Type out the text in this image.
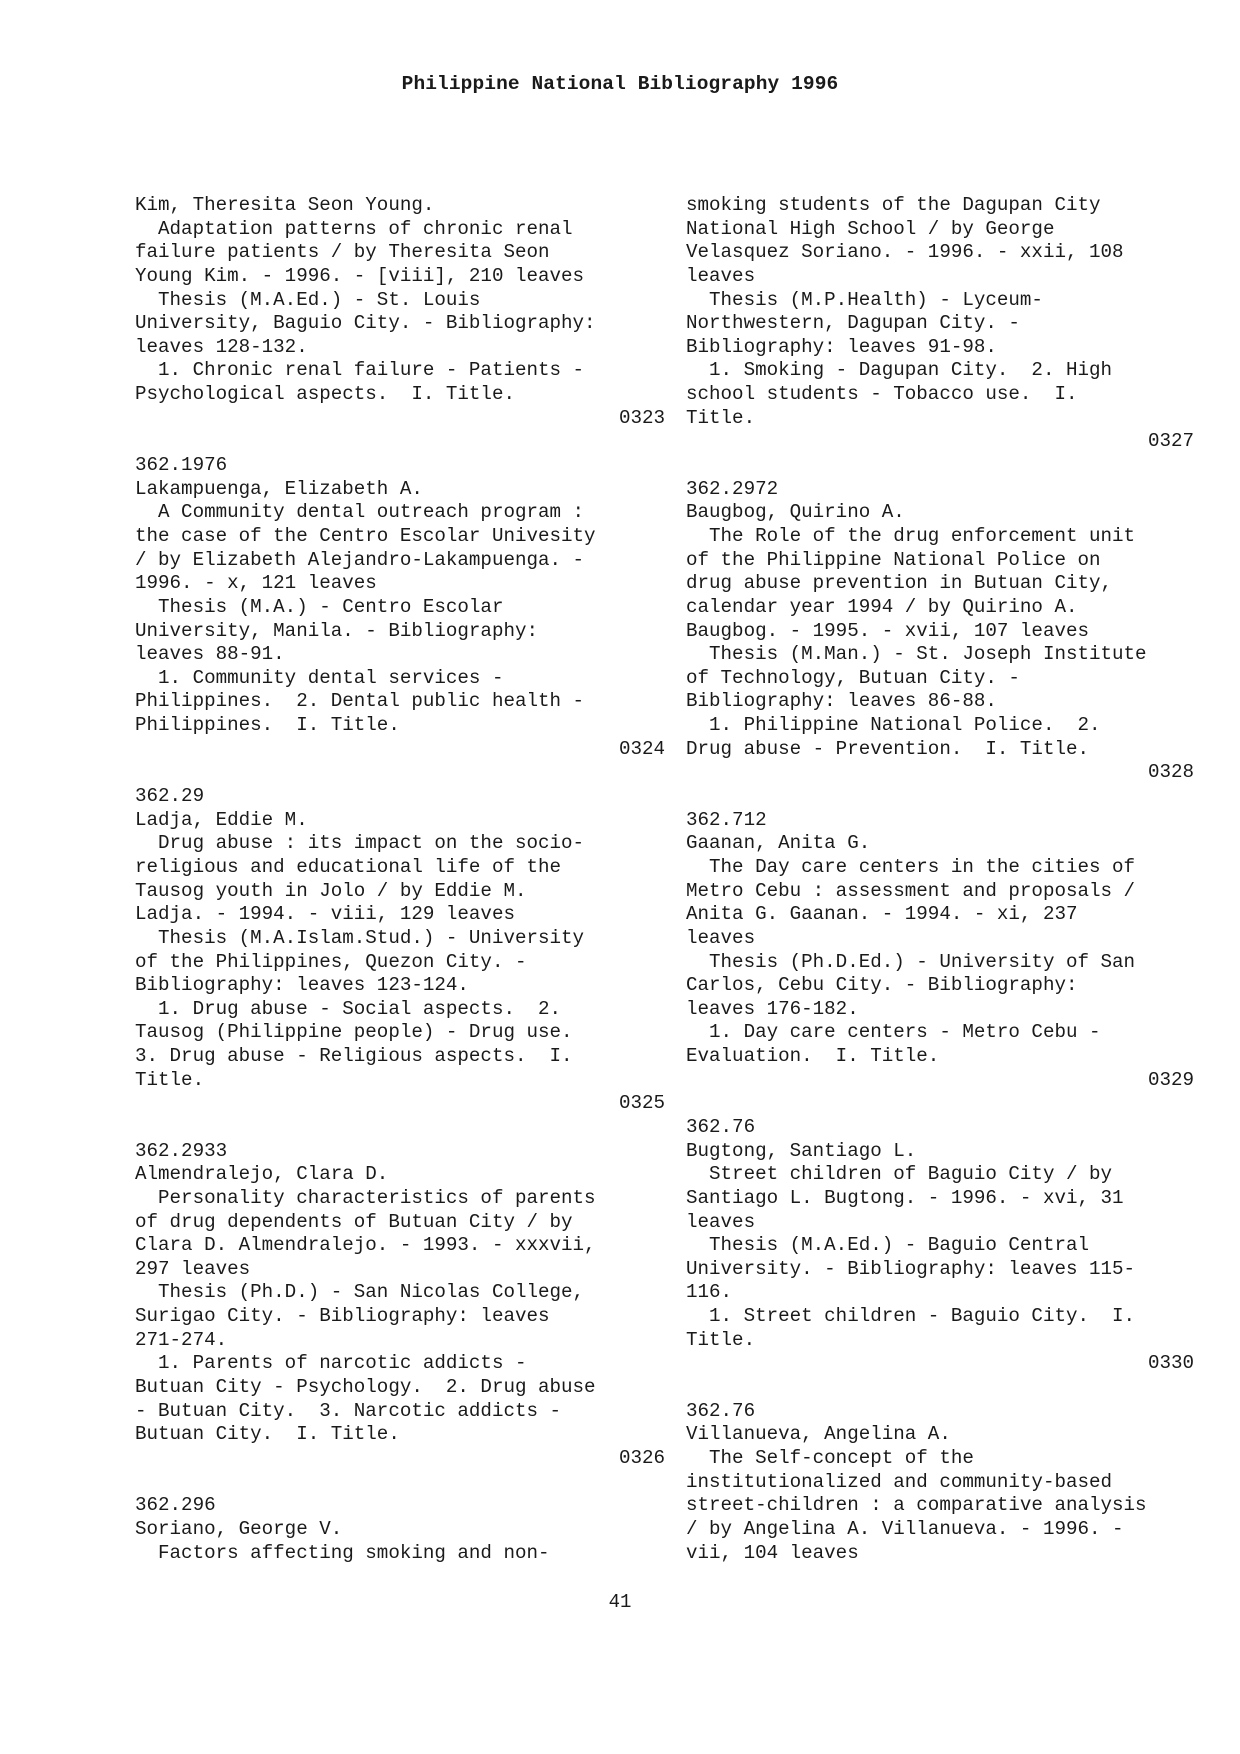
Philippine National Bibliography 1996
Kim, Theresita Seon Young.
Adaptation patterns of chronic renal
failure patients / by Theresita Seon
Young Kim. - 1996. - [viii], 210 leaves
Thesis (M.A.Ed.) - St. Louis
University, Baguio City. - Bibliography:
leaves 128-132.
1. Chronic renal failure - Patients -
Psychological aspects.  I. Title.
0323
362.1976
Lakampuenga, Elizabeth A.
A Community dental outreach program :
the case of the Centro Escolar Univesity
/ by Elizabeth Alejandro-Lakampuenga. -
1996. - x, 121 leaves
Thesis (M.A.) - Centro Escolar
University, Manila. - Bibliography:
leaves 88-91.
1. Community dental services -
Philippines.  2. Dental public health -
Philippines.  I. Title.
0324
362.29
Ladja, Eddie M.
Drug abuse : its impact on the socio-
religious and educational life of the
Tausog youth in Jolo / by Eddie M.
Ladja. - 1994. - viii, 129 leaves
Thesis (M.A.Islam.Stud.) - University
of the Philippines, Quezon City. -
Bibliography: leaves 123-124.
1. Drug abuse - Social aspects.  2.
Tausog (Philippine people) - Drug use.
3. Drug abuse - Religious aspects.  I.
Title.
0325
362.2933
Almendralejo, Clara D.
Personality characteristics of parents
of drug dependents of Butuan City / by
Clara D. Almendralejo. - 1993. - xxxvii,
297 leaves
Thesis (Ph.D.) - San Nicolas College,
Surigao City. - Bibliography: leaves
271-274.
1. Parents of narcotic addicts -
Butuan City - Psychology.  2. Drug abuse
- Butuan City.  3. Narcotic addicts -
Butuan City.  I. Title.
0326
362.296
Soriano, George V.
Factors affecting smoking and non-
smoking students of the Dagupan City
National High School / by George
Velasquez Soriano. - 1996. - xxii, 108
leaves
Thesis (M.P.Health) - Lyceum-
Northwestern, Dagupan City. -
Bibliography: leaves 91-98.
1. Smoking - Dagupan City.  2. High
school students - Tobacco use.  I.
Title.
0327
362.2972
Baugbog, Quirino A.
The Role of the drug enforcement unit
of the Philippine National Police on
drug abuse prevention in Butuan City,
calendar year 1994 / by Quirino A.
Baugbog. - 1995. - xvii, 107 leaves
Thesis (M.Man.) - St. Joseph Institute
of Technology, Butuan City. -
Bibliography: leaves 86-88.
1. Philippine National Police.  2.
Drug abuse - Prevention.  I. Title.
0328
362.712
Gaanan, Anita G.
The Day care centers in the cities of
Metro Cebu : assessment and proposals /
Anita G. Gaanan. - 1994. - xi, 237
leaves
Thesis (Ph.D.Ed.) - University of San
Carlos, Cebu City. - Bibliography:
leaves 176-182.
1. Day care centers - Metro Cebu -
Evaluation.  I. Title.
0329
362.76
Bugtong, Santiago L.
Street children of Baguio City / by
Santiago L. Bugtong. - 1996. - xvi, 31
leaves
Thesis (M.A.Ed.) - Baguio Central
University. - Bibliography: leaves 115-
116.
1. Street children - Baguio City.  I.
Title.
0330
362.76
Villanueva, Angelina A.
The Self-concept of the
institutionalized and community-based
street-children : a comparative analysis
/ by Angelina A. Villanueva. - 1996. -
vii, 104 leaves
41
